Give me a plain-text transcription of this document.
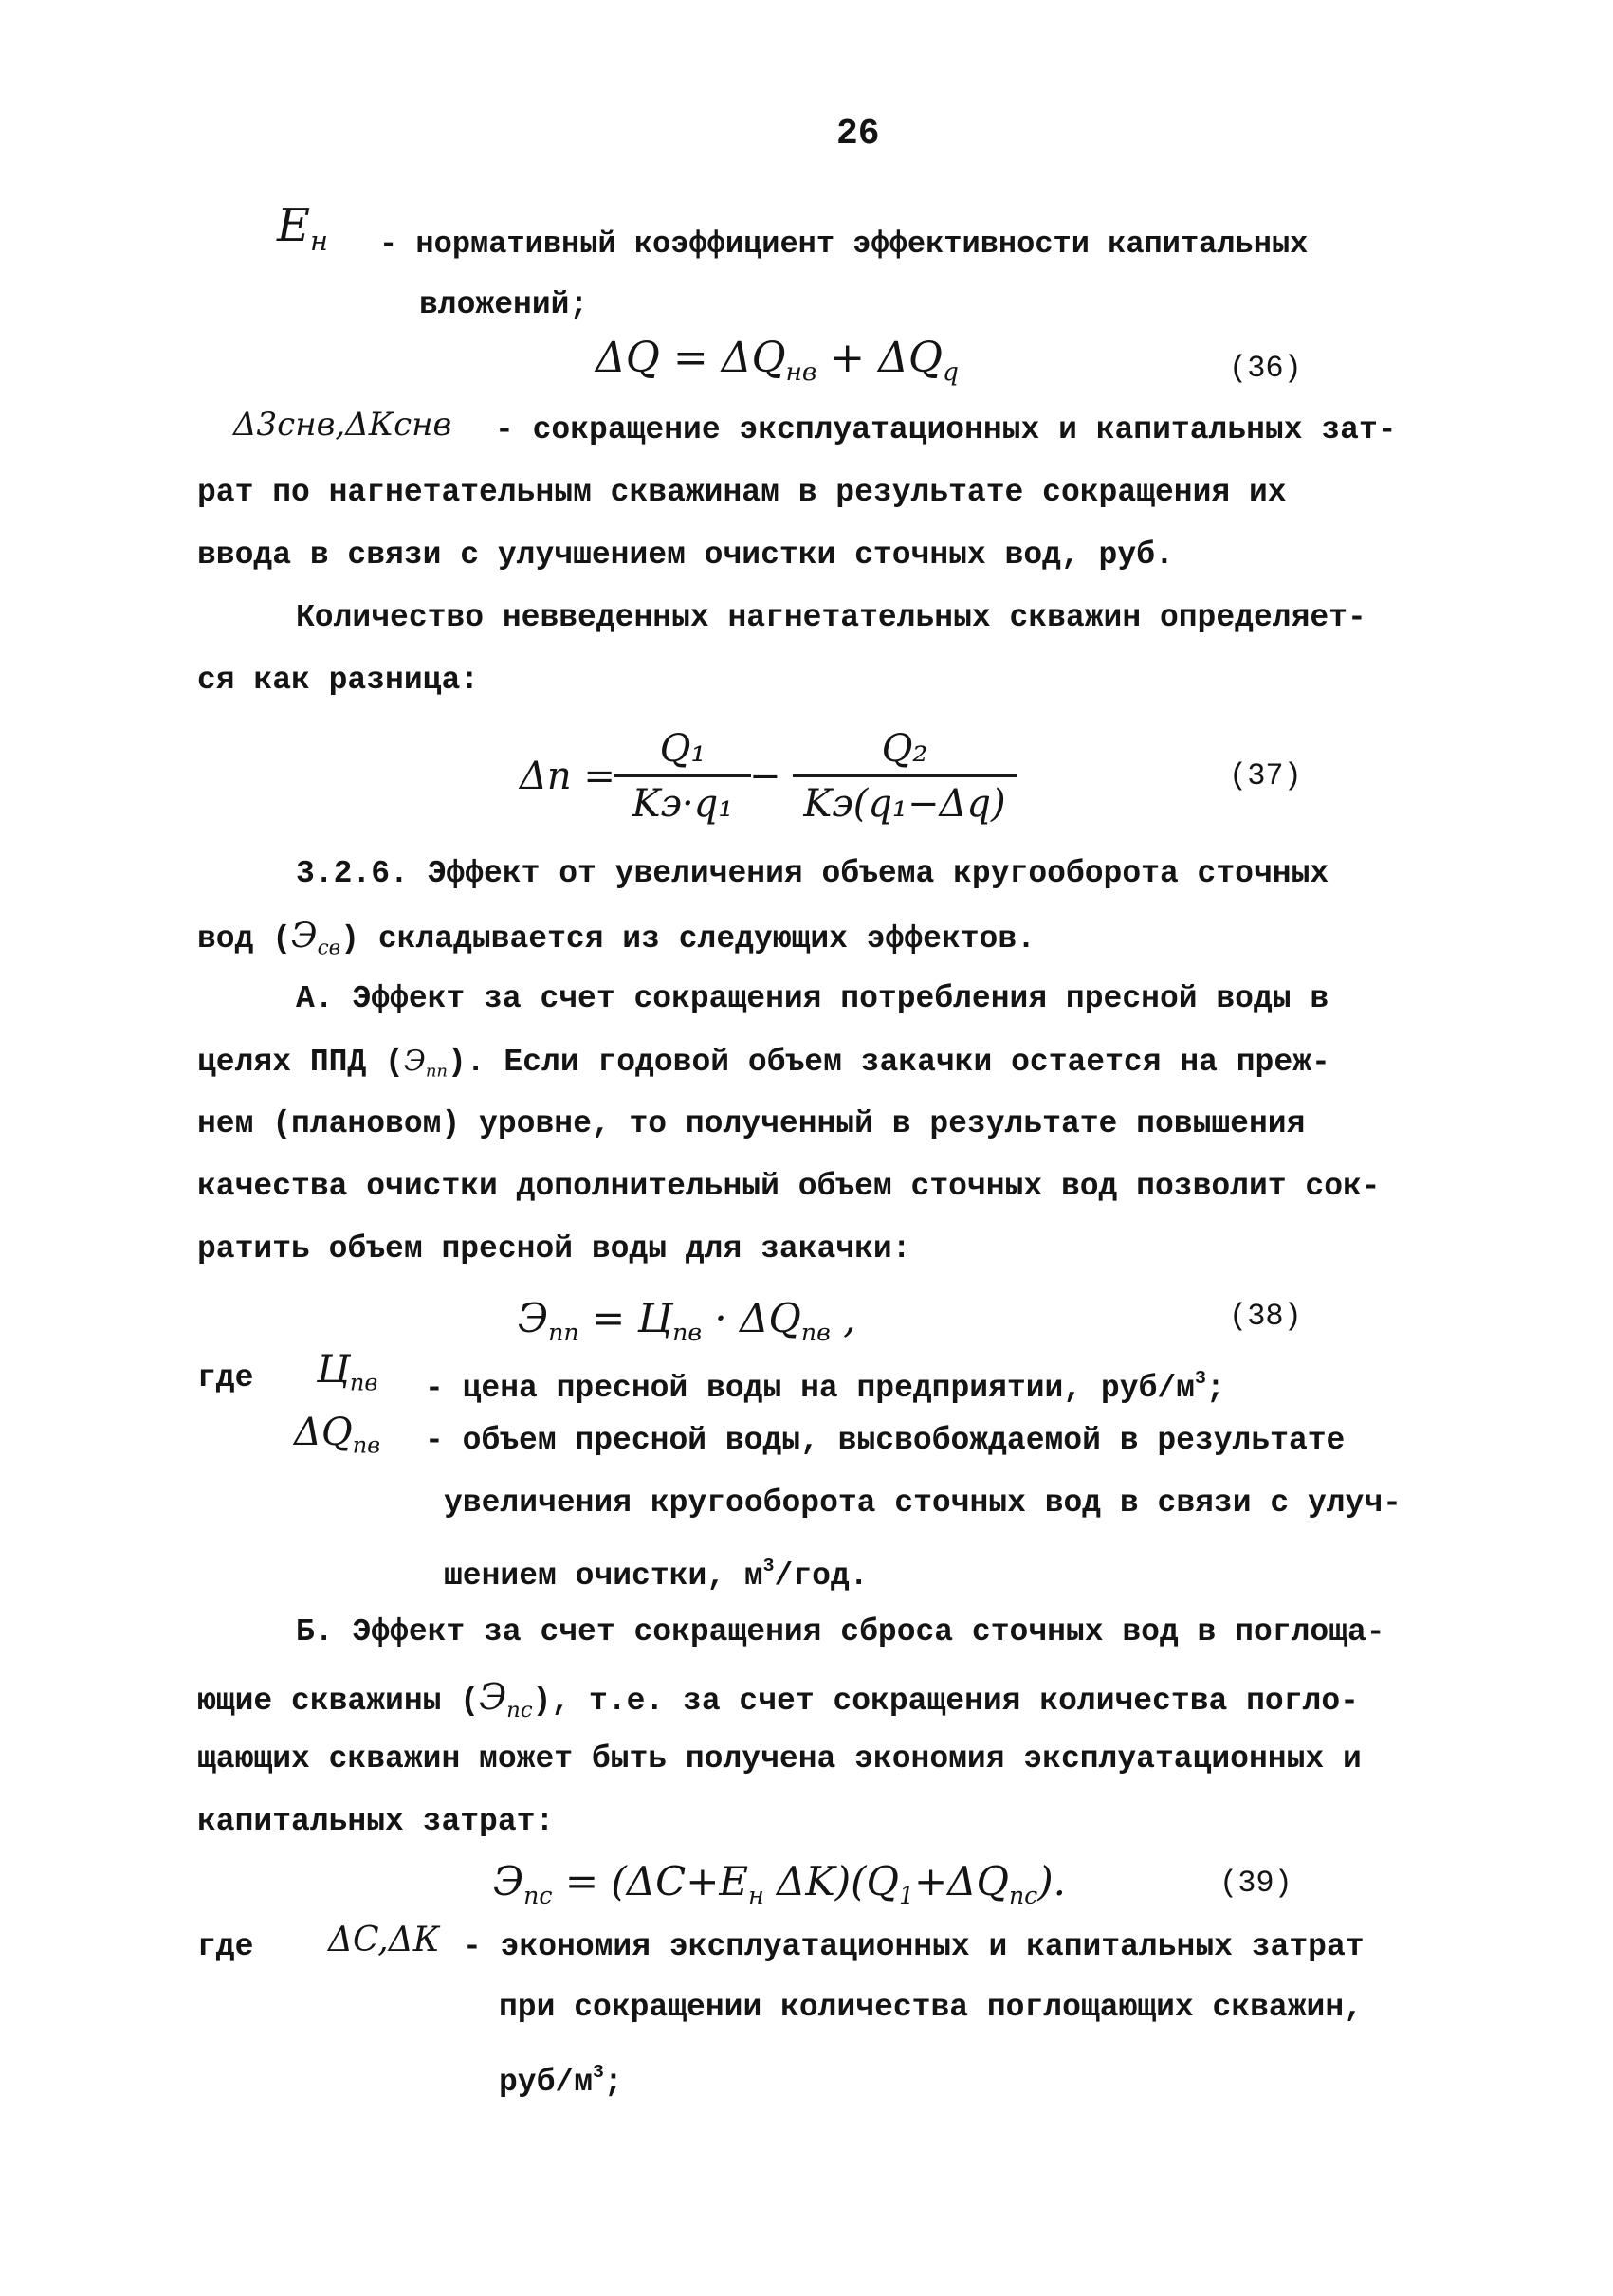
26
$E_н$ - нормативный коэффициент эффективности капитальных
вложений;
$\Delta Q = \Delta Q_{нв} + \Delta Q_q$	(36)
Δ3снв,ΔКснв - сокращение эксплуатационных и капитальных зат-
рат по нагнетательным скважинам в результате сокращения их
ввода в связи с улучшением очистки сточных вод, руб.
Количество невведенных нагнетательных скважин определяет-
ся как разница:
Δn =
Q₁
Kэ·q₁
−
Q₂
Kэ(q₁−Δq)
(37)
3.2.6. Эффект от увеличения объема кругооборота сточных
вод $(Э_{св})$ складывается из следующих эффектов.
А. Эффект за счет сокращения потребления пресной воды в
целях ППД $(Э_{пп})$. Если годовой объем закачки остается на преж-
нем (плановом) уровне, то полученный в результате повышения
качества очистки дополнительный объем сточных вод позволит сок-
ратить объем пресной воды для закачки:
$Э_{пп} = Ц_{пв} \cdot \Delta Q_{пв}$ ,	(38)
где $Ц_{пв}$ - цена пресной воды на предприятии, руб/$м^3$;
$\Delta Q_{пв}$ - объем пресной воды, высвобождаемой в результате
увеличения кругооборота сточных вод в связи с улуч-
шением очистки, $м^3$/год.
Б. Эффект за счет сокращения сброса сточных вод в поглоща-
ющие скважины $(Э_{пс})$, т.е. за счет сокращения количества погло-
щающих скважин может быть получена экономия эксплуатационных и
капитальных затрат:
$Э_{пс} = (\Delta C+E_н$ $\Delta K)(Q_1+\Delta Q_{пс})$.	(39)
где ΔC,ΔК - экономия эксплуатационных и капитальных затрат
при сокращении количества поглощающих скважин,
руб/$м^3$;
